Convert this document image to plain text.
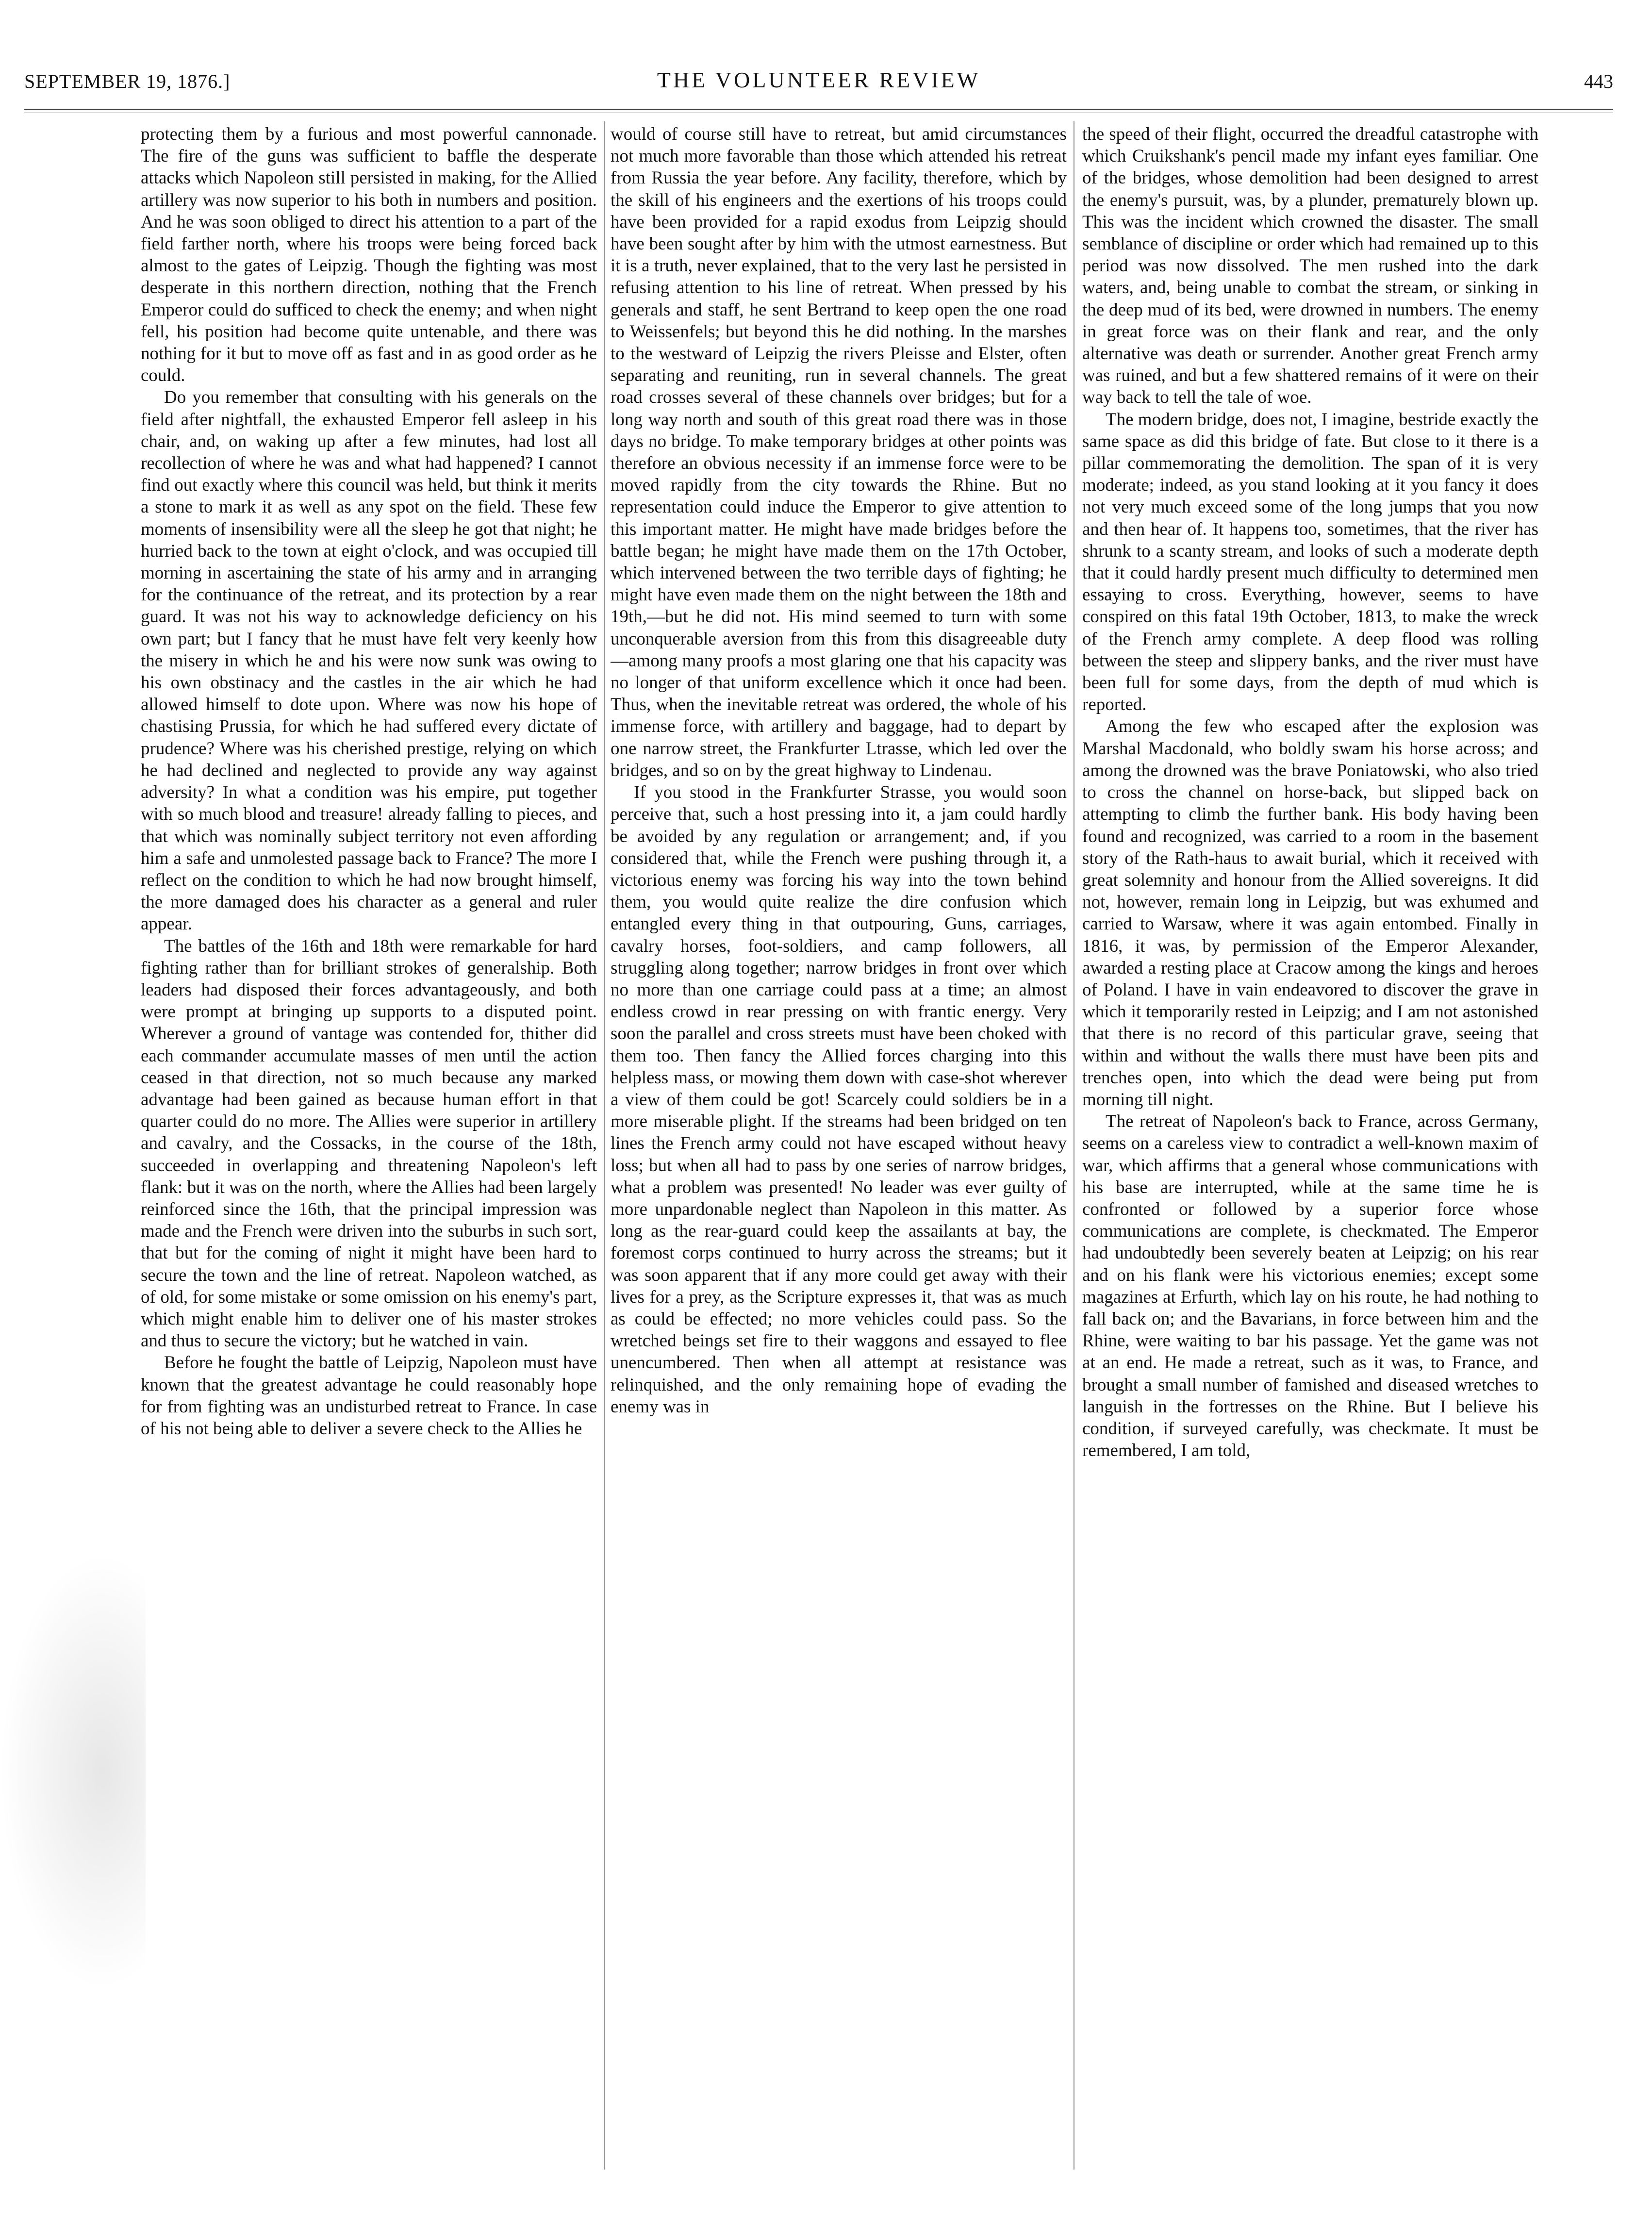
SEPTEMBER 19, 1876.]	THE VOLUNTEER REVIEW	443

protecting them by a furious and most powerful cannonade. The fire of the guns was sufficient to baffle the desperate attacks which Napoleon still persisted in making, for the Allied artillery was now superior to his both in numbers and position. And he was soon obliged to direct his attention to a part of the field farther north, where his troops were being forced back almost to the gates of Leipzig. Though the fighting was most desperate in this northern direction, nothing that the French Emperor could do sufficed to check the enemy; and when night fell, his position had become quite untenable, and there was nothing for it but to move off as fast and in as good order as he could.

Do you remember that consulting with his generals on the field after nightfall, the exhausted Emperor fell asleep in his chair, and, on waking up after a few minutes, had lost all recollection of where he was and what had happened? I cannot find out exactly where this council was held, but think it merits a stone to mark it as well as any spot on the field. These few moments of insensibility were all the sleep he got that night; he hurried back to the town at eight o'clock, and was occupied till morning in ascertaining the state of his army and in arranging for the continuance of the retreat, and its protection by a rear guard. It was not his way to acknowledge deficiency on his own part; but I fancy that he must have felt very keenly how the misery in which he and his were now sunk was owing to his own obstinacy and the castles in the air which he had allowed himself to dote upon. Where was now his hope of chastising Prussia, for which he had suffered every dictate of prudence? Where was his cherished prestige, relying on which he had declined and neglected to provide any way against adversity? In what a condition was his empire, put together with so much blood and treasure! already falling to pieces, and that which was nominally subject territory not even affording him a safe and unmolested passage back to France? The more I reflect on the condition to which he had now brought himself, the more damaged does his character as a general and ruler appear.

The battles of the 16th and 18th were remarkable for hard fighting rather than for brilliant strokes of generalship. Both leaders had disposed their forces advantageously, and both were prompt at bringing up supports to a disputed point. Wherever a ground of vantage was contended for, thither did each commander accumulate masses of men until the action ceased in that direction, not so much because any marked advantage had been gained as because human effort in that quarter could do no more. The Allies were superior in artillery and cavalry, and the Cossacks, in the course of the 18th, succeeded in overlapping and threatening Napoleon's left flank: but it was on the north, where the Allies had been largely reinforced since the 16th, that the principal impression was made and the French were driven into the suburbs in such sort, that but for the coming of night it might have been hard to secure the town and the line of retreat. Napoleon watched, as of old, for some mistake or some omission on his enemy's part, which might enable him to deliver one of his master strokes and thus to secure the victory; but he watched in vain.

Before he fought the battle of Leipzig, Napoleon must have known that the greatest advantage he could reasonably hope for from fighting was an undisturbed retreat to France. In case of his not being able to deliver a severe check to the Allies he

would of course still have to retreat, but amid circumstances not much more favorable than those which attended his retreat from Russia the year before. Any facility, therefore, which by the skill of his engineers and the exertions of his troops could have been provided for a rapid exodus from Leipzig should have been sought after by him with the utmost earnestness. But it is a truth, never explained, that to the very last he persisted in refusing attention to his line of retreat. When pressed by his generals and staff, he sent Bertrand to keep open the one road to Weissenfels; but beyond this he did nothing. In the marshes to the westward of Leipzig the rivers Pleisse and Elster, often separating and reuniting, run in several channels. The great road crosses several of these channels over bridges; but for a long way north and south of this great road there was in those days no bridge. To make temporary bridges at other points was therefore an obvious necessity if an immense force were to be moved rapidly from the city towards the Rhine. But no representation could induce the Emperor to give attention to this important matter. He might have made bridges before the battle began; he might have made them on the 17th October, which intervened between the two terrible days of fighting; he might have even made them on the night between the 18th and 19th,—but he did not. His mind seemed to turn with some unconquerable aversion from this from this disagreeable duty—among many proofs a most glaring one that his capacity was no longer of that uniform excellence which it once had been. Thus, when the inevitable retreat was ordered, the whole of his immense force, with artillery and baggage, had to depart by one narrow street, the Frankfurter Ltrasse, which led over the bridges, and so on by the great highway to Lindenau.

If you stood in the Frankfurter Strasse, you would soon perceive that, such a host pressing into it, a jam could hardly be avoided by any regulation or arrangement; and, if you considered that, while the French were pushing through it, a victorious enemy was forcing his way into the town behind them, you would quite realize the dire confusion which entangled every thing in that outpouring, Guns, carriages, cavalry horses, foot-soldiers, and camp followers, all struggling along together; narrow bridges in front over which no more than one carriage could pass at a time; an almost endless crowd in rear pressing on with frantic energy. Very soon the parallel and cross streets must have been choked with them too. Then fancy the Allied forces charging into this helpless mass, or mowing them down with case-shot wherever a view of them could be got! Scarcely could soldiers be in a more miserable plight. If the streams had been bridged on ten lines the French army could not have escaped without heavy loss; but when all had to pass by one series of narrow bridges, what a problem was presented! No leader was ever guilty of more unpardonable neglect than Napoleon in this matter. As long as the rear-guard could keep the assailants at bay, the foremost corps continued to hurry across the streams; but it was soon apparent that if any more could get away with their lives for a prey, as the Scripture expresses it, that was as much as could be effected; no more vehicles could pass. So the wretched beings set fire to their waggons and essayed to flee unencumbered. Then when all attempt at resistance was relinquished, and the only remaining hope of evading the enemy was in

the speed of their flight, occurred the dreadful catastrophe with which Cruikshank's pencil made my infant eyes familiar. One of the bridges, whose demolition had been designed to arrest the enemy's pursuit, was, by a plunder, prematurely blown up. This was the incident which crowned the disaster. The small semblance of discipline or order which had remained up to this period was now dissolved. The men rushed into the dark waters, and, being unable to combat the stream, or sinking in the deep mud of its bed, were drowned in numbers. The enemy in great force was on their flank and rear, and the only alternative was death or surrender. Another great French army was ruined, and but a few shattered remains of it were on their way back to tell the tale of woe.

The modern bridge, does not, I imagine, bestride exactly the same space as did this bridge of fate. But close to it there is a pillar commemorating the demolition. The span of it is very moderate; indeed, as you stand looking at it you fancy it does not very much exceed some of the long jumps that you now and then hear of. It happens too, sometimes, that the river has shrunk to a scanty stream, and looks of such a moderate depth that it could hardly present much difficulty to determined men essaying to cross. Everything, however, seems to have conspired on this fatal 19th October, 1813, to make the wreck of the French army complete. A deep flood was rolling between the steep and slippery banks, and the river must have been full for some days, from the depth of mud which is reported.

Among the few who escaped after the explosion was Marshal Macdonald, who boldly swam his horse across; and among the drowned was the brave Poniatowski, who also tried to cross the channel on horse-back, but slipped back on attempting to climb the further bank. His body having been found and recognized, was carried to a room in the basement story of the Rath-haus to await burial, which it received with great solemnity and honour from the Allied sovereigns. It did not, however, remain long in Leipzig, but was exhumed and carried to Warsaw, where it was again entombed. Finally in 1816, it was, by permission of the Emperor Alexander, awarded a resting place at Cracow among the kings and heroes of Poland. I have in vain endeavored to discover the grave in which it temporarily rested in Leipzig; and I am not astonished that there is no record of this particular grave, seeing that within and without the walls there must have been pits and trenches open, into which the dead were being put from morning till night.

The retreat of Napoleon's back to France, across Germany, seems on a careless view to contradict a well-known maxim of war, which affirms that a general whose communications with his base are interrupted, while at the same time he is confronted or followed by a superior force whose communications are complete, is checkmated. The Emperor had undoubtedly been severely beaten at Leipzig; on his rear and on his flank were his victorious enemies; except some magazines at Erfurth, which lay on his route, he had nothing to fall back on; and the Bavarians, in force between him and the Rhine, were waiting to bar his passage. Yet the game was not at an end. He made a retreat, such as it was, to France, and brought a small number of famished and diseased wretches to languish in the fortresses on the Rhine. But I believe his condition, if surveyed carefully, was checkmate. It must be remembered, I am told,
